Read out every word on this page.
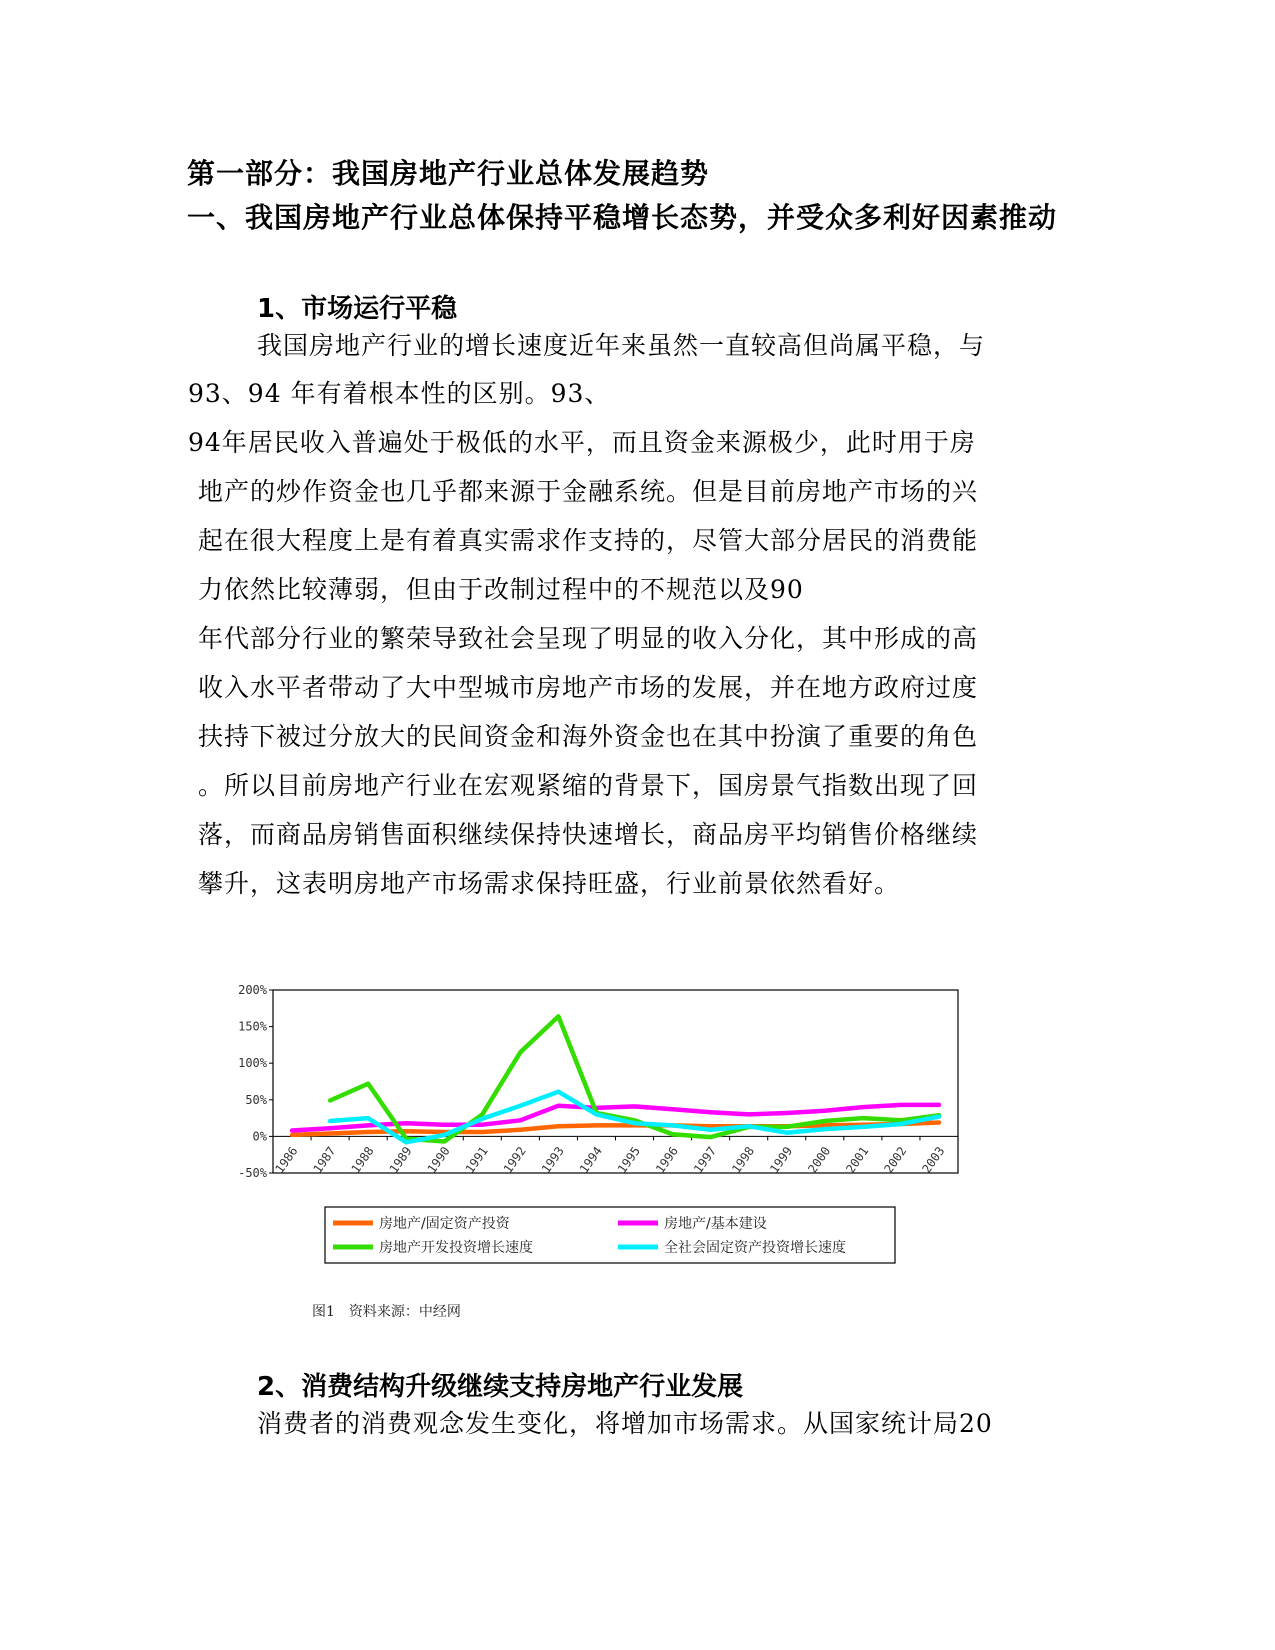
第一部分：我国房地产行业总体发展趋势
一、我国房地产行业总体保持平稳增长态势，并受众多利好因素推动
1、市场运行平稳

我国房地产行业的增长速度近年来虽然一直较高但尚属平稳，与

93、94 年有着根本性的区别。93、

94年居民收入普遍处于极低的水平，而且资金来源极少，此时用于房

地产的炒作资金也几乎都来源于金融系统。但是目前房地产市场的兴

起在很大程度上是有着真实需求作支持的，尽管大部分居民的消费能

力依然比较薄弱，但由于改制过程中的不规范以及90

年代部分行业的繁荣导致社会呈现了明显的收入分化，其中形成的高

收入水平者带动了大中型城市房地产市场的发展，并在地方政府过度

扶持下被过分放大的民间资金和海外资金也在其中扮演了重要的角色

。所以目前房地产行业在宏观紧缩的背景下，国房景气指数出现了回

落，而商品房销售面积继续保持快速增长，商品房平均销售价格继续

攀升，这表明房地产市场需求保持旺盛，行业前景依然看好。

200%
150%
100%
50%
0%
-50% 1986 1987 1988 1989 1990 1991 1992 1993 1994 1995 1996 1997 1998 1999 2000 2001 2002 2003
房地产/固定资产投资	房地产/基本建设
房地产开发投资增长速度	全社会固定资产投资增长速度

图1　资料来源：中经网

2、消费结构升级继续支持房地产行业发展

消费者的消费观念发生变化，将增加市场需求。从国家统计局20
